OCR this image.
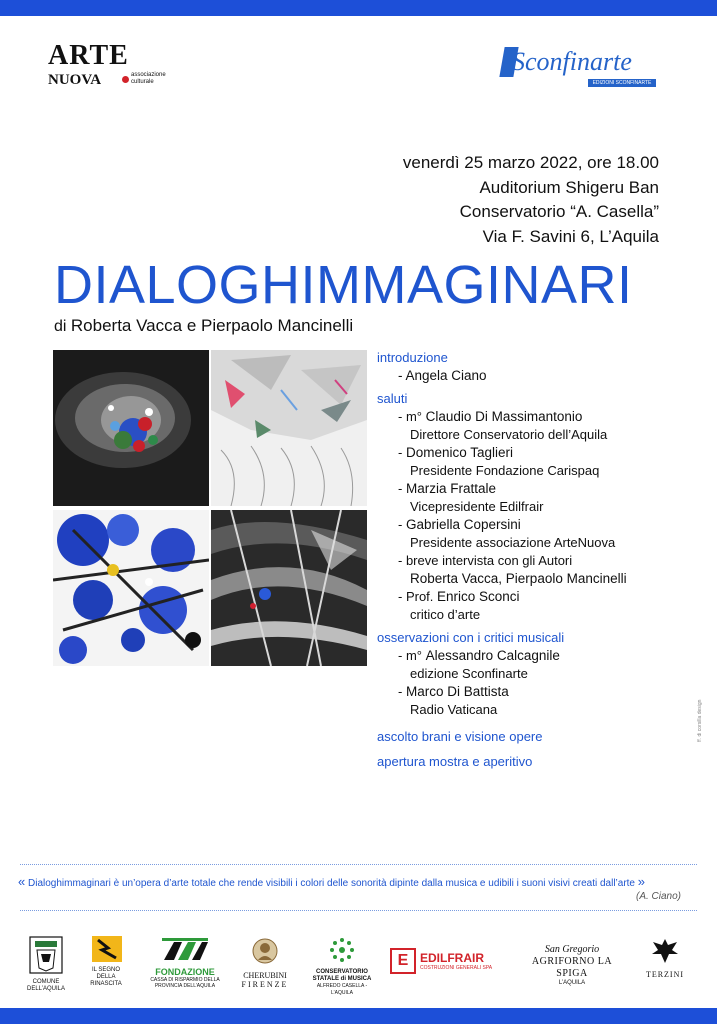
ARTE
NUOVA	associazione
culturale
Sconfinarte
EDIZIONI SCONFINARTE
venerdì 25 marzo 2022, ore 18.00
Auditorium Shigeru Ban
Conservatorio “A. Casella”
Via F. Savini 6, L’Aquila
DIALOGHIMMAGINARI
di Roberta Vacca e Pierpaolo Mancinelli
introduzione
- Angela Ciano
saluti
- m° Claudio Di Massimantonio
Direttore Conservatorio dell’Aquila
- Domenico Taglieri
Presidente Fondazione Carispaq
- Marzia Frattale
Vicepresidente Edilfrair
- Gabriella Copersini
Presidente associazione ArteNuova
- breve intervista con gli Autori
Roberta Vacca, Pierpaolo Mancinelli
- Prof. Enrico Sconci
critico d’arte
osservazioni con i critici musicali
- m° Alessandro Calcagnile
edizione Sconfinarte
- Marco Di Battista
Radio Vaticana
ascolto brani e visione opere
apertura mostra e aperitivo
ff. di corsilla design
« Dialoghimmaginari è un’opera d’arte totale che rende visibili i colori delle sonorità dipinte dalla musica e udibili i suoni visivi creati dall’arte »
(A. Ciano)
COMUNE DELL’AQUILA
IL SEGNO DELLA RINASCITA
FONDAZIONE
CASSA DI RISPARMIO DELLA PROVINCIA DELL’AQUILA
CHERUBINI
FIRENZE
CONSERVATORIO STATALE di MUSICA
ALFREDO CASELLA - L’AQUILA
E EDILFRAIR
COSTRUZIONI GENERALI SPA
San Gregorio
AGRIFORNO LA SPIGA
L’AQUILA
TERZINI
